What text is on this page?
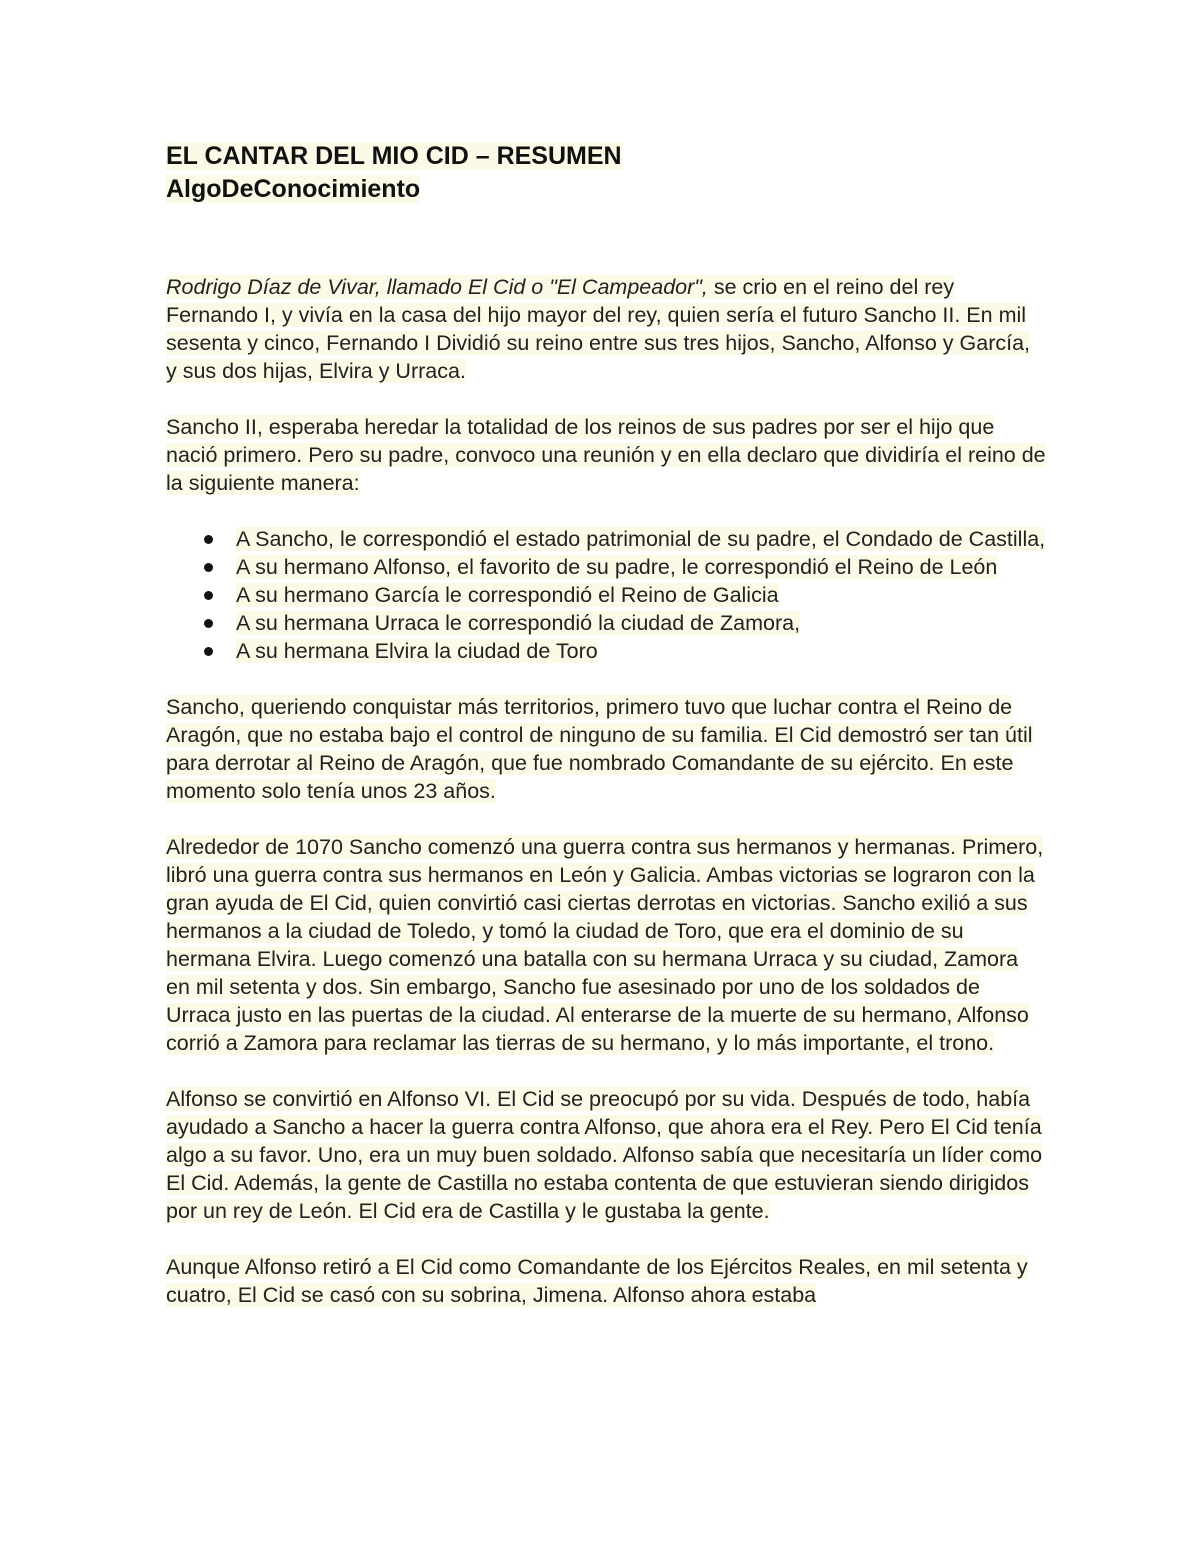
EL CANTAR DEL MIO CID – RESUMEN

AlgoDeConocimiento

Rodrigo Díaz de Vivar, llamado El Cid o "El Campeador", se crio en el reino del rey Fernando I, y vivía en la casa del hijo mayor del rey, quien sería el futuro Sancho II. En mil sesenta y cinco, Fernando I Dividió su reino entre sus tres hijos, Sancho, Alfonso y García, y sus dos hijas, Elvira y Urraca.

Sancho II, esperaba heredar la totalidad de los reinos de sus padres por ser el hijo que nació primero. Pero su padre, convoco una reunión y en ella declaro que dividiría el reino de la siguiente manera:

A Sancho, le correspondió el estado patrimonial de su padre, el Condado de Castilla,
A su hermano Alfonso, el favorito de su padre, le correspondió el Reino de León
A su hermano García le correspondió el Reino de Galicia
A su hermana Urraca le correspondió la ciudad de Zamora,
A su hermana Elvira la ciudad de Toro

Sancho, queriendo conquistar más territorios, primero tuvo que luchar contra el Reino de Aragón, que no estaba bajo el control de ninguno de su familia. El Cid demostró ser tan útil para derrotar al Reino de Aragón, que fue nombrado Comandante de su ejército. En este momento solo tenía unos 23 años.

Alrededor de 1070 Sancho comenzó una guerra contra sus hermanos y hermanas. Primero, libró una guerra contra sus hermanos en León y Galicia. Ambas victorias se lograron con la gran ayuda de El Cid, quien convirtió casi ciertas derrotas en victorias. Sancho exilió a sus hermanos a la ciudad de Toledo, y tomó la ciudad de Toro, que era el dominio de su hermana Elvira. Luego comenzó una batalla con su hermana Urraca y su ciudad, Zamora en mil setenta y dos. Sin embargo, Sancho fue asesinado por uno de los soldados de Urraca justo en las puertas de la ciudad. Al enterarse de la muerte de su hermano, Alfonso corrió a Zamora para reclamar las tierras de su hermano, y lo más importante, el trono.

Alfonso se convirtió en Alfonso VI. El Cid se preocupó por su vida. Después de todo, había ayudado a Sancho a hacer la guerra contra Alfonso, que ahora era el Rey. Pero El Cid tenía algo a su favor. Uno, era un muy buen soldado. Alfonso sabía que necesitaría un líder como El Cid. Además, la gente de Castilla no estaba contenta de que estuvieran siendo dirigidos por un rey de León. El Cid era de Castilla y le gustaba la gente.

Aunque Alfonso retiró a El Cid como Comandante de los Ejércitos Reales, en mil setenta y cuatro, El Cid se casó con su sobrina, Jimena. Alfonso ahora estaba
